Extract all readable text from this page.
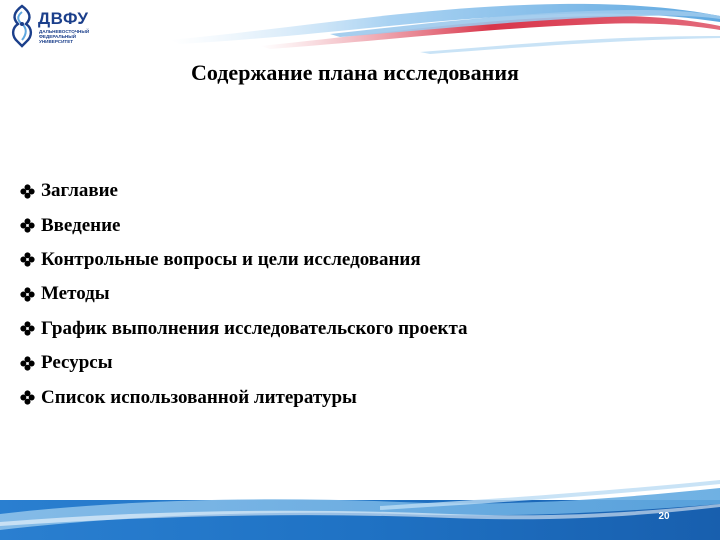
ДВФУ
ДАЛЬНЕВОСТОЧНЫЙ
ФЕДЕРАЛЬНЫЙ
УНИВЕРСИТЕТ
Содержание плана исследования
Заглавие
Введение
Контрольные вопросы и цели исследования
Методы
График выполнения исследовательского проекта
Ресурсы
Список использованной литературы
20
